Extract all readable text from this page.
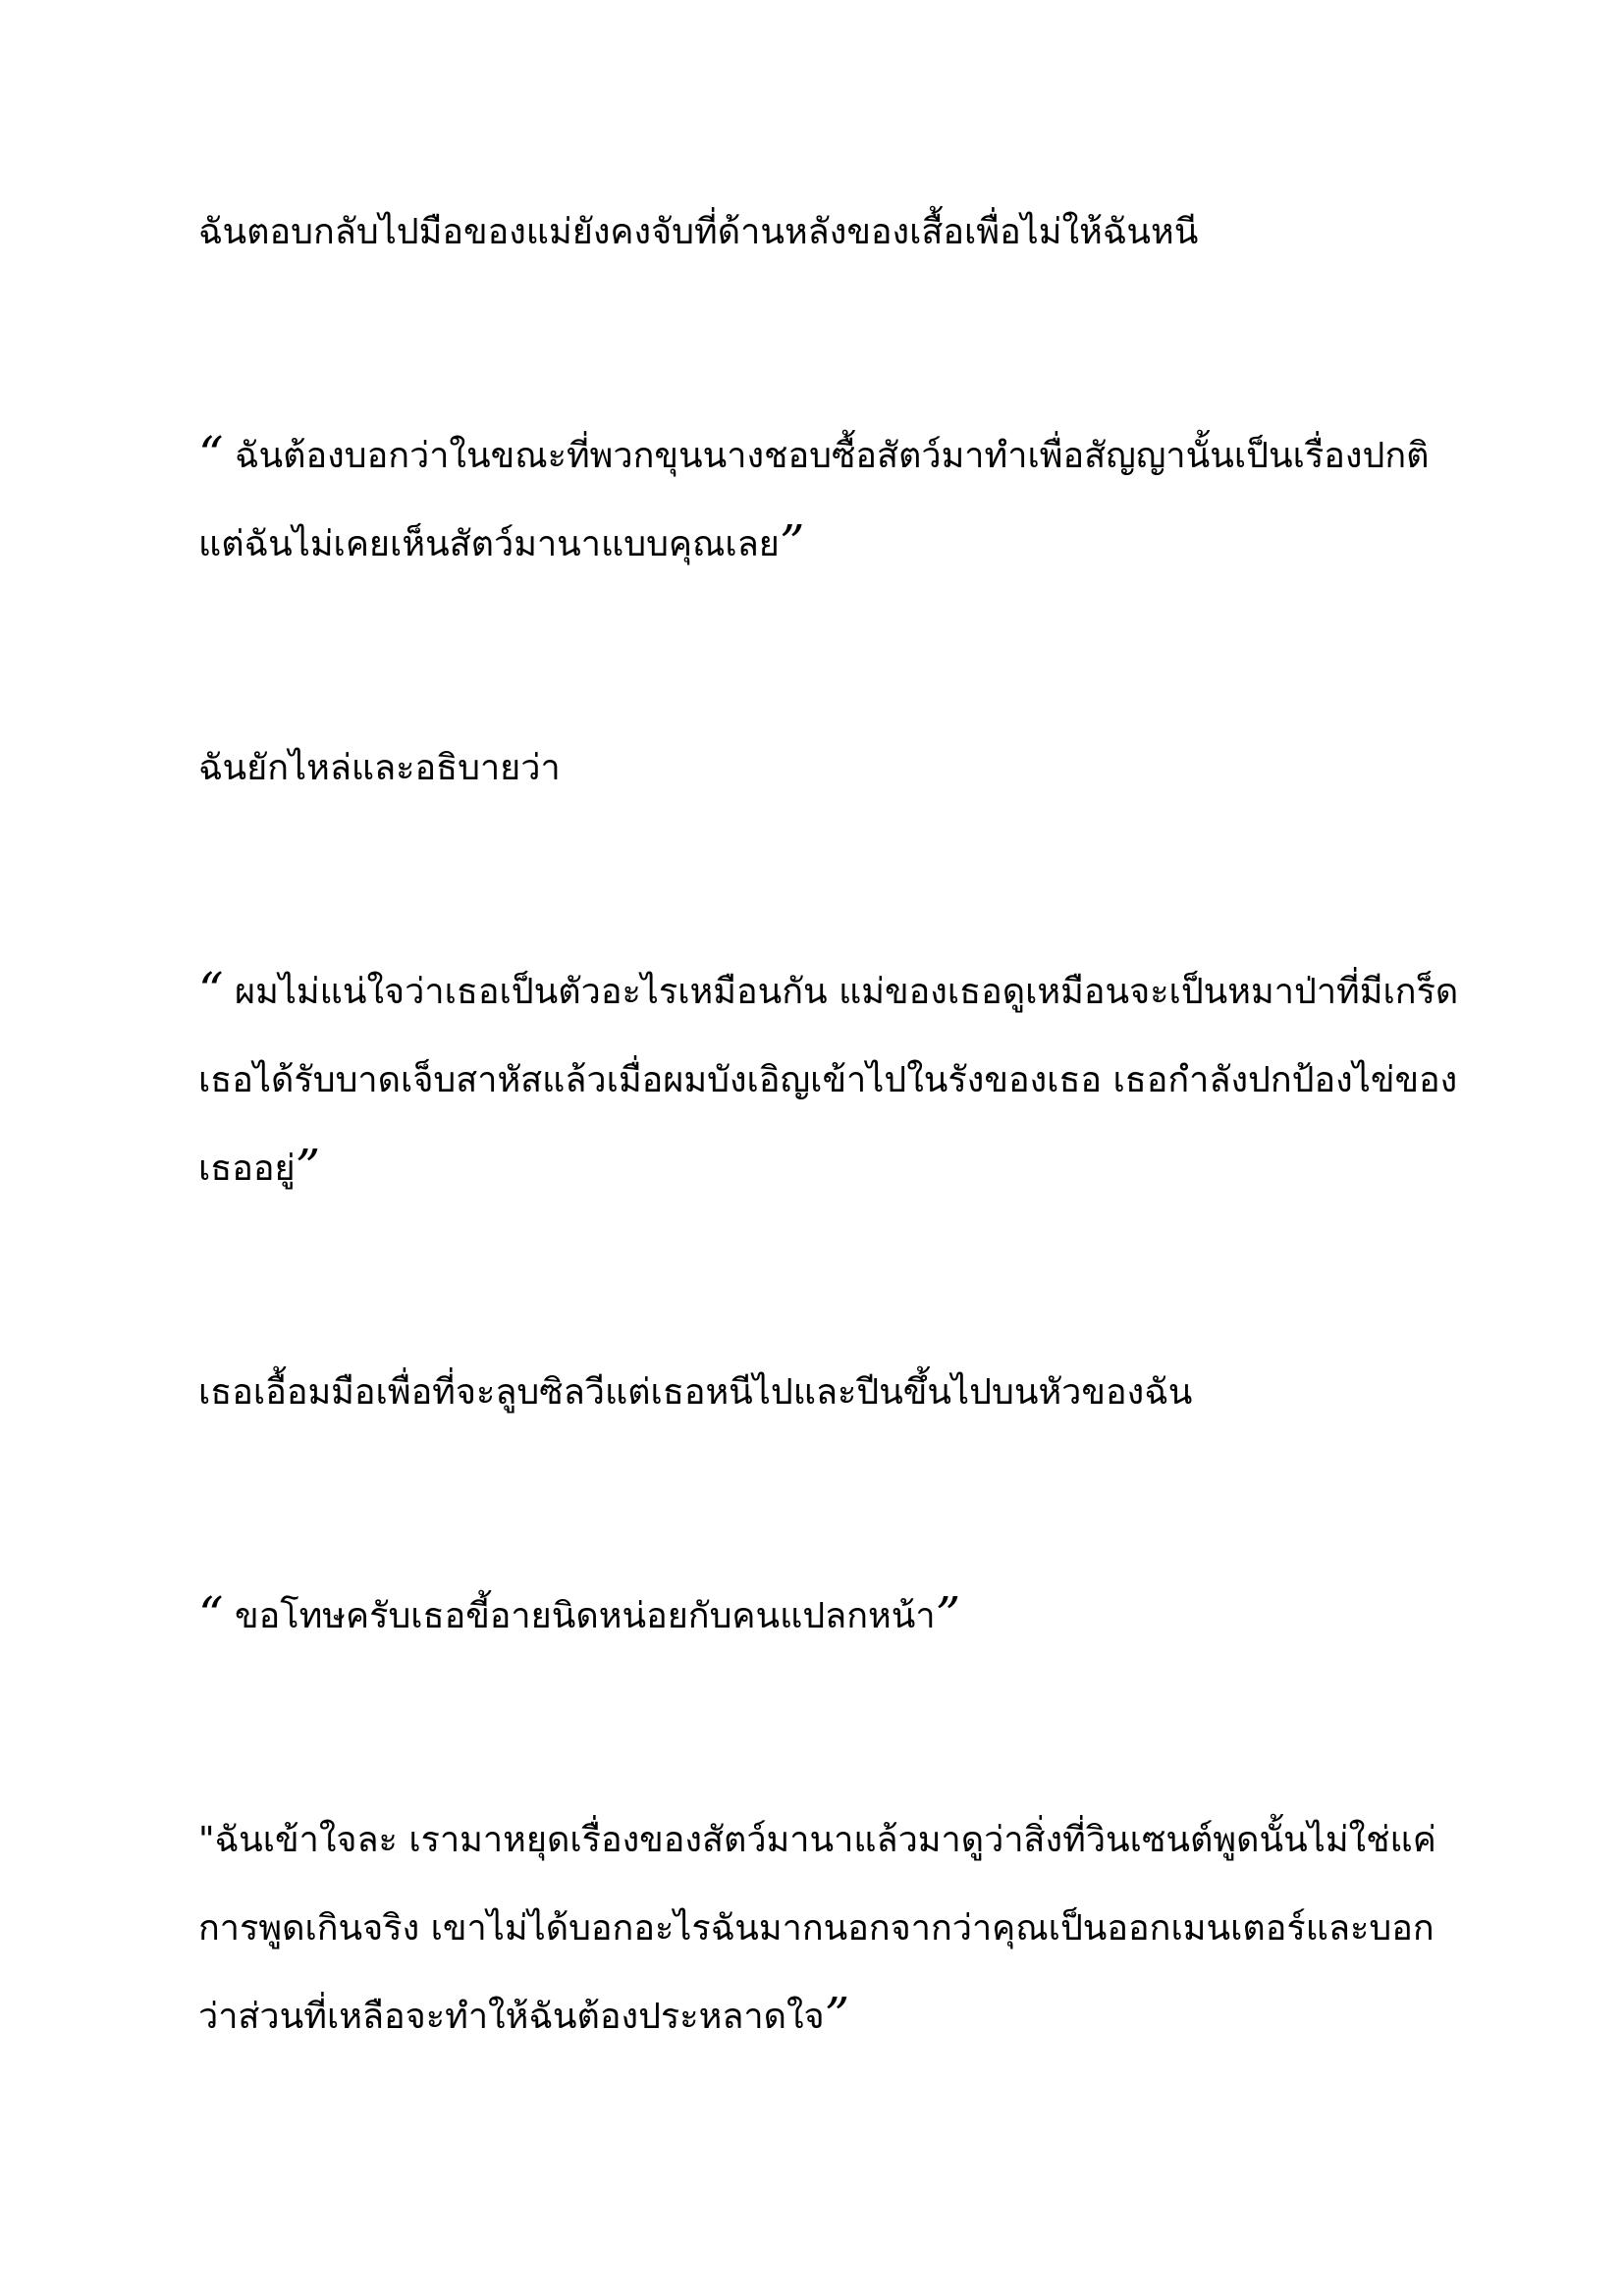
ฉันตอบกลับไปมือของแม่ยังคงจับที่ด้านหลังของเสื้อเพื่อไม่ให้ฉันหนี

“ ฉันต้องบอกว่าในขณะที่พวกขุนนางชอบซื้อสัตว์มาทำเพื่อสัญญานั้นเป็นเรื่องปกติ
แต่ฉันไม่เคยเห็นสัตว์มานาแบบคุณเลย”

ฉันยักไหล่และอธิบายว่า

“ ผมไม่แน่ใจว่าเธอเป็นตัวอะไรเหมือนกัน แม่ของเธอดูเหมือนจะเป็นหมาป่าที่มีเกร็ด
เธอได้รับบาดเจ็บสาหัสแล้วเมื่อผมบังเอิญเข้าไปในรังของเธอ เธอกำลังปกป้องไข่ของ
เธออยู่”

เธอเอื้อมมือเพื่อที่จะลูบซิลวีแต่เธอหนีไปและปีนขึ้นไปบนหัวของฉัน

“ ขอโทษครับเธอขี้อายนิดหน่อยกับคนแปลกหน้า”

"ฉันเข้าใจละ เรามาหยุดเรื่องของสัตว์มานาแล้วมาดูว่าสิ่งที่วินเซนต์พูดนั้นไม่ใช่แค่
การพูดเกินจริง เขาไม่ได้บอกอะไรฉันมากนอกจากว่าคุณเป็นออกเมนเตอร์และบอก
ว่าส่วนที่เหลือจะทำให้ฉันต้องประหลาดใจ”
